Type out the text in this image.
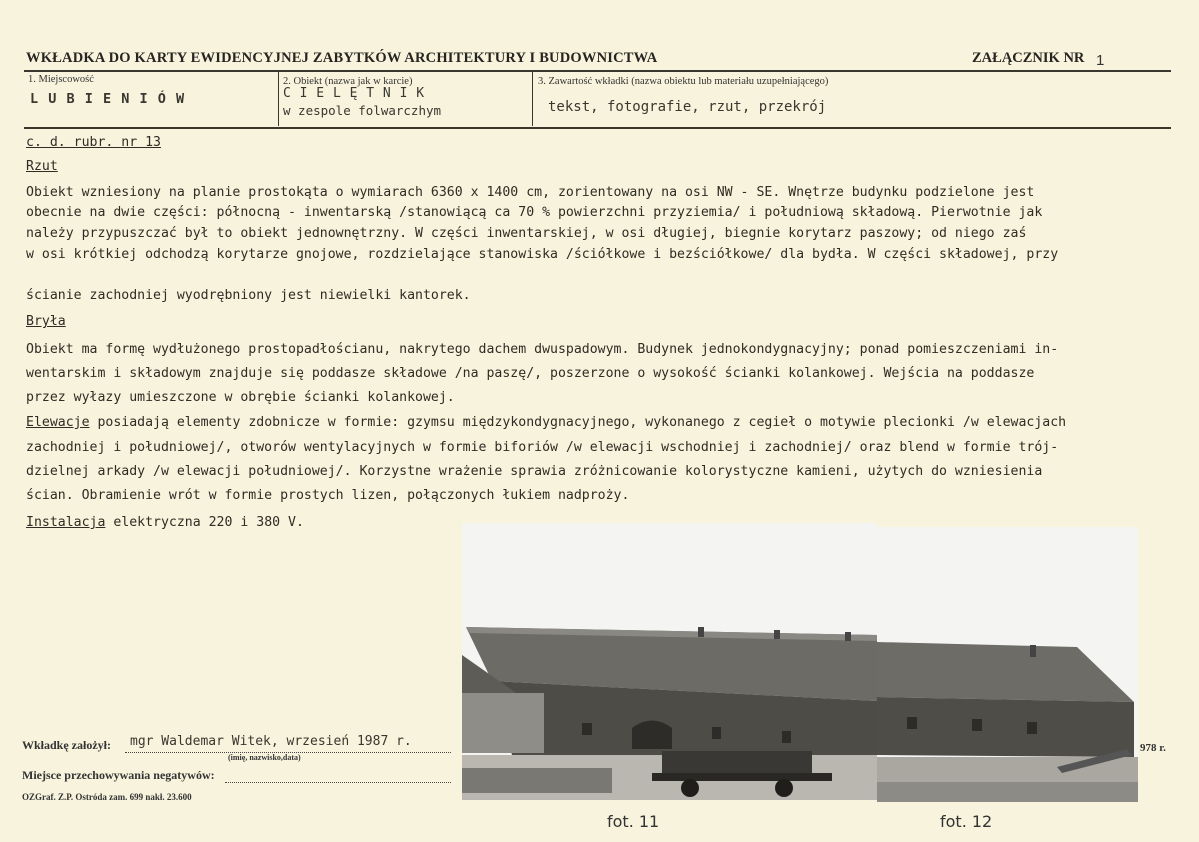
WKŁADKA DO KARTY EWIDENCYJNEJ ZABYTKÓW ARCHITEKTURY I BUDOWNICTWA	ZAŁĄCZNIK NR 1
1. Miejscowość
L U B I E N I Ó W
2. Obiekt (nazwa jak w karcie)
C I E L Ę T N I K
w zespole folwarczhym
3. Zawartość wkładki (nazwa obiektu lub materiału uzupełniającego)
tekst, fotografie, rzut, przekrój
c. d. rubr. nr 13
Rzut
Obiekt wzniesiony na planie prostokąta o wymiarach 6360 x 1400 cm, zorientowany na osi NW - SE. Wnętrze budynku podzielone jest
obecnie na dwie części: północną - inwentarską /stanowiącą ca 70 % powierzchni przyziemia/ i południową składową. Pierwotnie jak
należy przypuszczać był to obiekt jednownętrzny. W części inwentarskiej, w osi długiej, biegnie korytarz paszowy; od niego zaś
w osi krótkiej odchodzą korytarze gnojowe, rozdzielające stanowiska /ściółkowe i bezściółkowe/ dla bydła. W części składowej, przy
ścianie zachodniej wyodrębniony jest niewielki kantorek.
Bryła
Obiekt ma formę wydłużonego prostopadłościanu, nakrytego dachem dwuspadowym. Budynek jednokondygnacyjny; ponad pomieszczeniami in-
wentarskim i składowym znajduje się poddasze składowe /na paszę/, poszerzone o wysokość ścianki kolankowej. Wejścia na poddasze
przez wyłazy umieszczone w obrębie ścianki kolankowej.
Elewacje posiadają elementy zdobnicze w formie: gzymsu międzykondygnacyjnego, wykonanego z cegieł o motywie plecionki /w elewacjach
zachodniej i południowej/, otworów wentylacyjnych w formie biforiów /w elewacji wschodniej i zachodniej/ oraz blend w formie trój-
dzielnej arkady /w elewacji południowej/. Korzystne wrażenie sprawia zróżnicowanie kolorystyczne kamieni, użytych do wzniesienia
ścian. Obramienie wrót w formie prostych lizen, połączonych łukiem nadproży.
Instalacja elektryczna 220 i 380 V.
Wkładkę założył: mgr Waldemar Witek, wrzesień 1987 r.
(imię, nazwisko,data)
978 r.
Miejsce przechowywania negatywów:
OZGraf. Z.P. Ostróda zam. 699 nakł. 23.600
fot. 11	fot. 12
